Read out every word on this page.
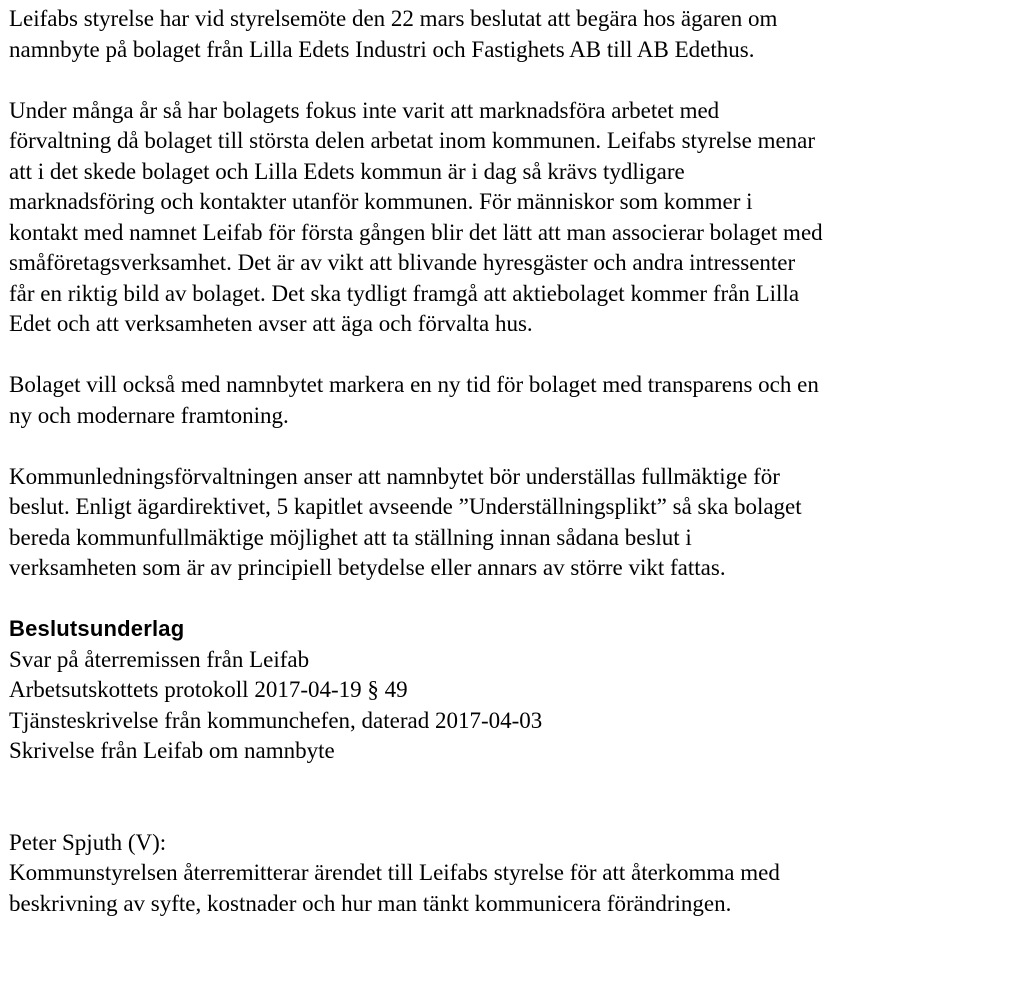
Leifabs styrelse har vid styrelsemöte den 22 mars beslutat att begära hos ägaren om
namnbyte på bolaget från Lilla Edets Industri och Fastighets AB till AB Edethus.
Under många år så har bolagets fokus inte varit att marknadsföra arbetet med
förvaltning då bolaget till största delen arbetat inom kommunen. Leifabs styrelse menar
att i det skede bolaget och Lilla Edets kommun är i dag så krävs tydligare
marknadsföring och kontakter utanför kommunen. För människor som kommer i
kontakt med namnet Leifab för första gången blir det lätt att man associerar bolaget med
småföretagsverksamhet. Det är av vikt att blivande hyresgäster och andra intressenter
får en riktig bild av bolaget. Det ska tydligt framgå att aktiebolaget kommer från Lilla
Edet och att verksamheten avser att äga och förvalta hus.
Bolaget vill också med namnbytet markera en ny tid för bolaget med transparens och en
ny och modernare framtoning.
Kommunledningsförvaltningen anser att namnbytet bör underställas fullmäktige för
beslut. Enligt ägardirektivet, 5 kapitlet avseende ”Underställningsplikt” så ska bolaget
bereda kommunfullmäktige möjlighet att ta ställning innan sådana beslut i
verksamheten som är av principiell betydelse eller annars av större vikt fattas.
Beslutsunderlag
Svar på återremissen från Leifab
Arbetsutskottets protokoll 2017-04-19 § 49
Tjänsteskrivelse från kommunchefen, daterad 2017-04-03
Skrivelse från Leifab om namnbyte
Peter Spjuth (V):
Kommunstyrelsen återremitterar ärendet till Leifabs styrelse för att återkomma med
beskrivning av syfte, kostnader och hur man tänkt kommunicera förändringen.
